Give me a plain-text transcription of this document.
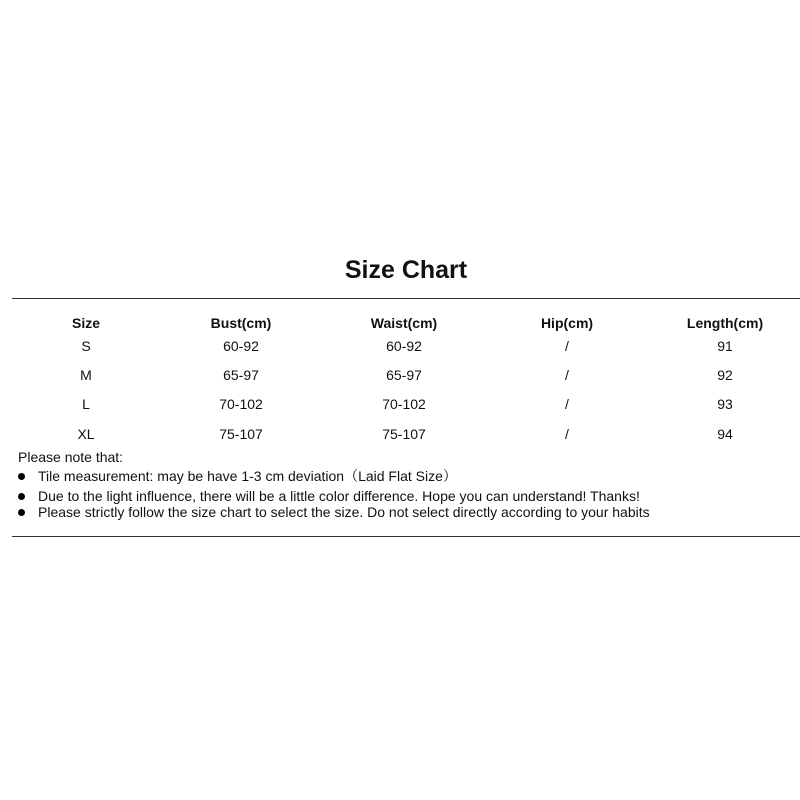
Size Chart
Size	Bust(cm)	Waist(cm)	Hip(cm)	Length(cm)
S	60-92	60-92	/	91
M	65-97	65-97	/	92
L	70-102	70-102	/	93
XL	75-107	75-107	/	94
Please note that:
Tile measurement: may be have 1-3 cm deviation（Laid Flat Size）
Due to the light influence, there will be a little color difference. Hope you can understand! Thanks!
Please strictly follow the size chart to select the size. Do not select directly according to your habits
